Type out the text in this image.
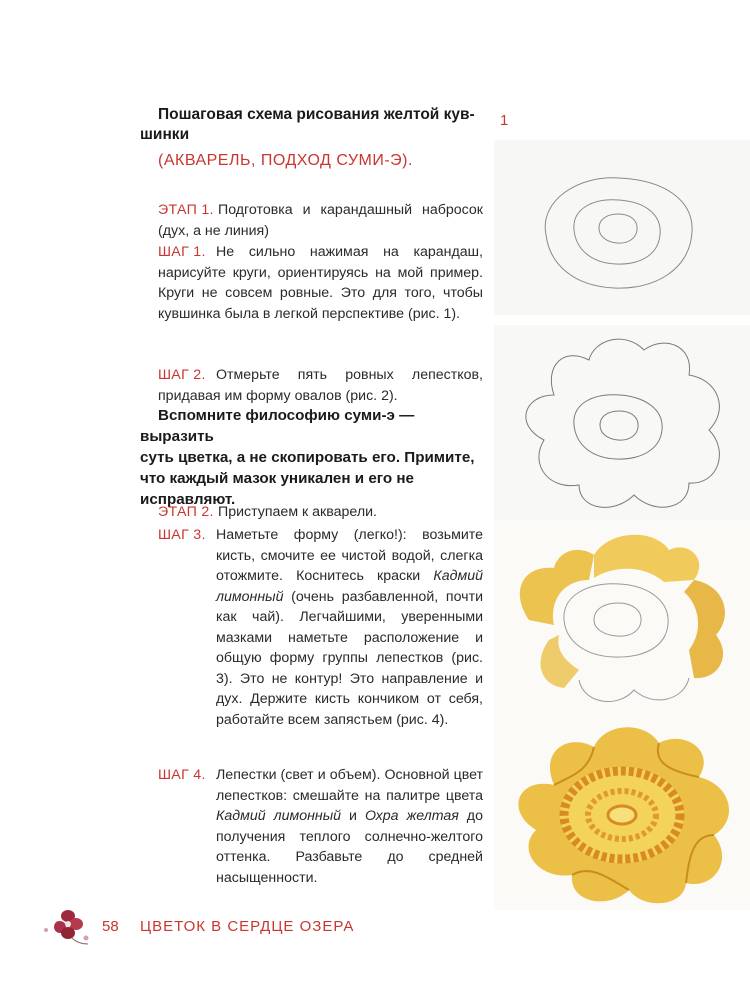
Пошаговая схема рисования желтой кув-
шинки
(АКВАРЕЛЬ, ПОДХОД СУМИ-Э).
ЭТАП 1. Подготовка и карандашный набросок (дух, а не линия)
ШАГ 1. Не сильно нажимая на карандаш, нарисуйте круги, ориентируясь на мой пример. Круги не совсем ровные. Это для того, чтобы кувшинка была в легкой перспективе (рис. 1).
ШАГ 2. Отмерьте пять ровных лепестков, придавая им форму овалов (рис. 2).
Вспомните философию суми-э — выразить
суть цветка, а не скопировать его. Примите, что каждый мазок уникален и его не исправляют.
ЭТАП 2. Приступаем к акварели.
ШАГ 3. Наметьте форму (легко!): возьмите кисть, смочите ее чистой водой, слегка отожмите. Коснитесь краски Кадмий лимонный (очень разбавленной, почти как чай). Легчайшими, уверенными мазками наметьте расположение и общую форму группы лепестков (рис. 3). Это не контур! Это направление и дух. Держите кисть кончиком от себя, работайте всем запястьем (рис. 4).
ШАГ 4. Лепестки (свет и объем). Основной цвет лепестков: смешайте на палитре цвета Кадмий лимонный и Охра желтая до получения теплого солнечно-желтого оттенка. Разбавьте до средней насыщенности.
1
58 ЦВЕТОК В СЕРДЦЕ ОЗЕРА
